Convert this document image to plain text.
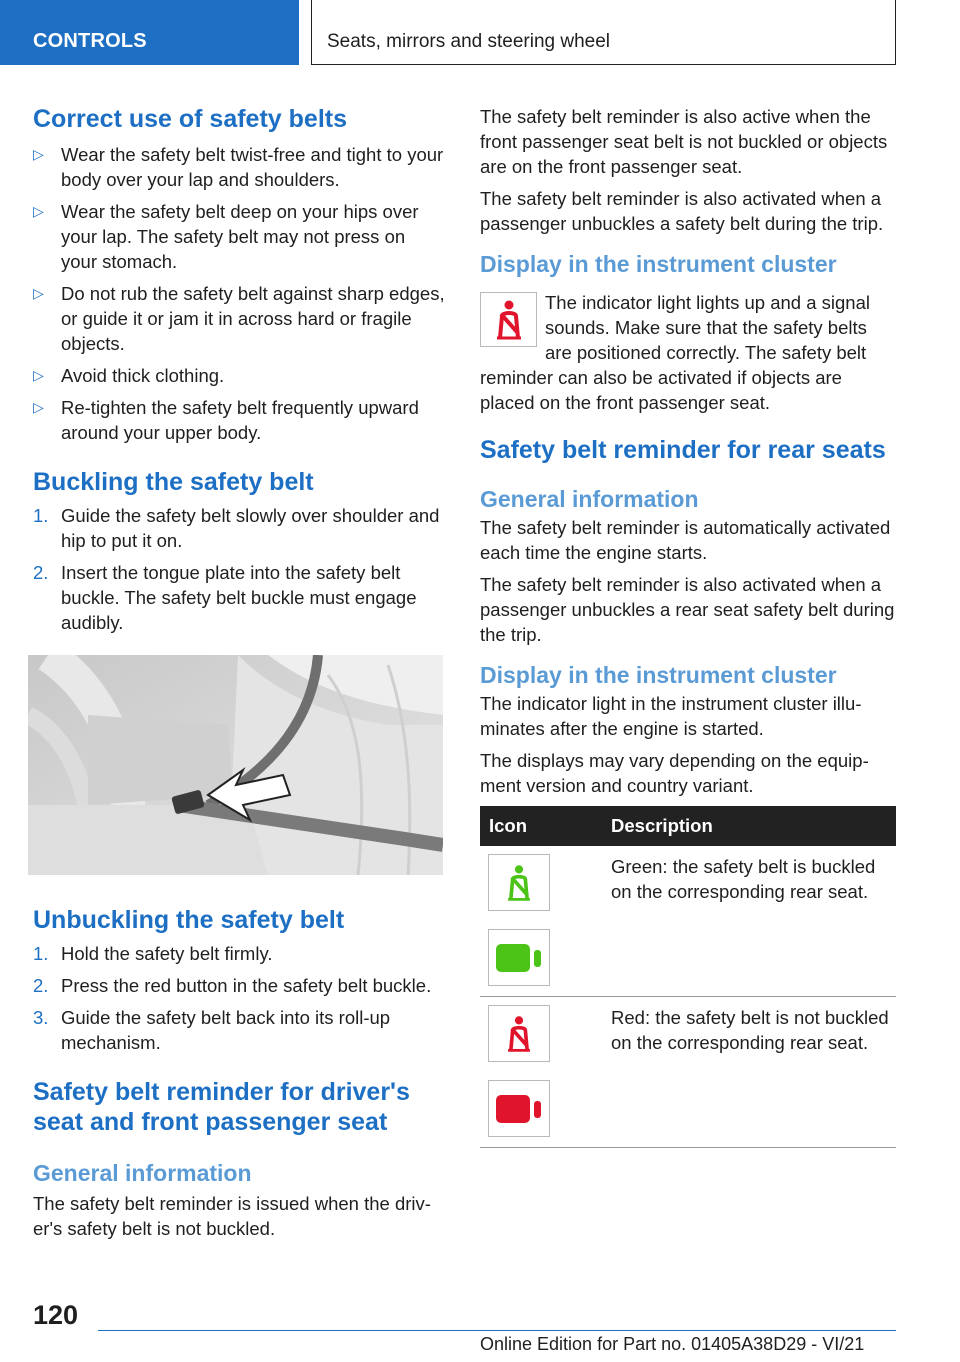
CONTROLS	Seats, mirrors and steering wheel
Correct use of safety belts
▷ Wear the safety belt twist-free and tight to your body over your lap and shoulders.
▷ Wear the safety belt deep on your hips over your lap. The safety belt may not press on your stomach.
▷ Do not rub the safety belt against sharp edges, or guide it or jam it in across hard or fragile objects.
▷ Avoid thick clothing.
▷ Re-tighten the safety belt frequently upward around your upper body.
Buckling the safety belt
1. Guide the safety belt slowly over shoulder and hip to put it on.
2. Insert the tongue plate into the safety belt buckle. The safety belt buckle must engage audibly.
Unbuckling the safety belt
1. Hold the safety belt firmly.
2. Press the red button in the safety belt buckle.
3. Guide the safety belt back into its roll-up mechanism.
Safety belt reminder for driver's seat and front passenger seat
General information

The safety belt reminder is issued when the driver's safety belt is not buckled.

The safety belt reminder is also active when the front passenger seat belt is not buckled or objects are on the front passenger seat.

The safety belt reminder is also activated when a passenger unbuckles a safety belt during the trip.

Display in the instrument cluster

The indicator light lights up and a signal sounds. Make sure that the safety belts are positioned correctly. The safety belt

reminder can also be activated if objects are placed on the front passenger seat.

Safety belt reminder for rear seats
General information

The safety belt reminder is automatically activated each time the engine starts.

The safety belt reminder is also activated when a passenger unbuckles a rear seat safety belt during the trip.

Display in the instrument cluster

The indicator light in the instrument cluster illuminates after the engine is started.

The displays may vary depending on the equipment version and country variant.

Icon	Description

	Green: the safety belt is buckled on the corresponding rear seat.

	Red: the safety belt is not buckled on the corresponding rear seat.
120
Online Edition for Part no. 01405A38D29 - VI/21
